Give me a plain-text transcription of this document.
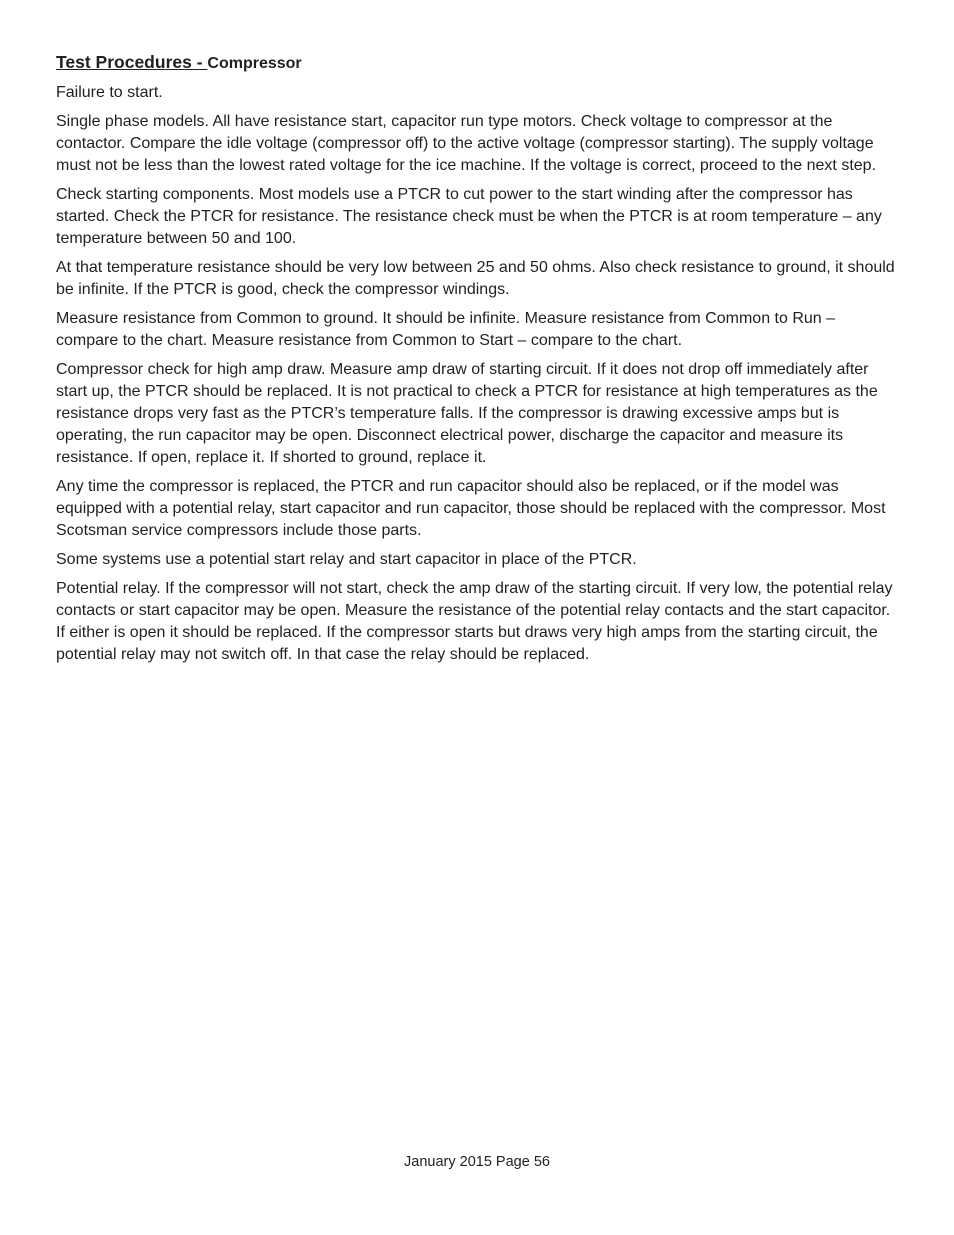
Test Procedures - Compressor

Failure to start.

Single phase models. All have resistance start, capacitor run type motors. Check voltage to compressor at the contactor. Compare the idle voltage (compressor off) to the active voltage (compressor starting). The supply voltage must not be less than the lowest rated voltage for the ice machine. If the voltage is correct, proceed to the next step.

Check starting components. Most models use a PTCR to cut power to the start winding after the compressor has started. Check the PTCR for resistance. The resistance check must be when the PTCR is at room temperature – any temperature between 50 and 100.

At that temperature resistance should be very low between 25 and 50 ohms. Also check resistance to ground, it should be infinite. If the PTCR is good, check the compressor windings.

Measure resistance from Common to ground. It should be infinite. Measure resistance from Common to Run – compare to the chart. Measure resistance from Common to Start – compare to the chart.

Compressor check for high amp draw. Measure amp draw of starting circuit. If it does not drop off immediately after start up, the PTCR should be replaced. It is not practical to check a PTCR for resistance at high temperatures as the resistance drops very fast as the PTCR’s temperature falls. If the compressor is drawing excessive amps but is operating, the run capacitor may be open. Disconnect electrical power, discharge the capacitor and measure its resistance. If open, replace it. If shorted to ground, replace it.

Any time the compressor is replaced, the PTCR and run capacitor should also be replaced, or if the model was equipped with a potential relay, start capacitor and run capacitor, those should be replaced with the compressor. Most Scotsman service compressors include those parts.

Some systems use a potential start relay and start capacitor in place of the PTCR.

Potential relay. If the compressor will not start, check the amp draw of the starting circuit. If very low, the potential relay contacts or start capacitor may be open. Measure the resistance of the potential relay contacts and the start capacitor. If either is open it should be replaced. If the compressor starts but draws very high amps from the starting circuit, the potential relay may not switch off. In that case the relay should be replaced.

January 2015 Page 56
